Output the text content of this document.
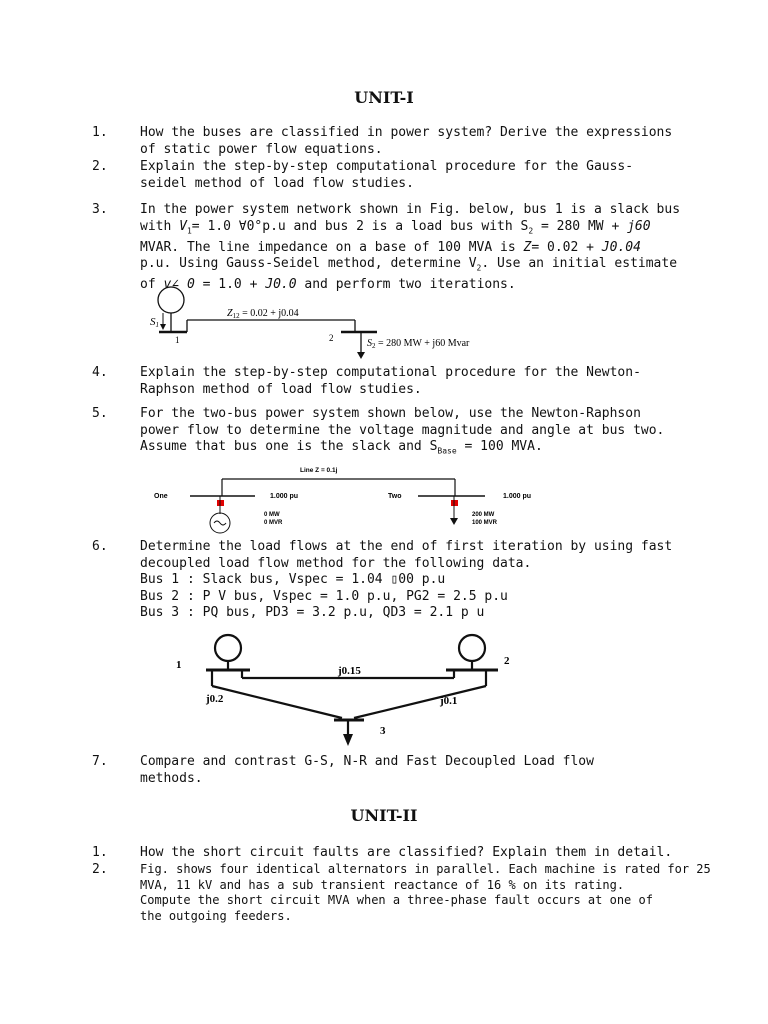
UNIT-I
1.	How the buses are classified in power system? Derive the expressions
of static power flow equations.
2.	Explain the step-by-step computational procedure for the Gauss-
seidel method of load flow studies.
3.	In the power system network shown in Fig. below, bus 1 is a slack bus
with $V_1= 1.0$ ∀0°p.u and bus 2 is a load bus with $S_2 = 280$ MW + j60
MVAR. The line impedance on a base of 100 MVA is Z= 0.02 + J0.04
p.u. Using Gauss-Seidel method, determine $V_2$. Use an initial estimate
of v∠ 0 = 1.0 + J0.0 and perform two iterations.
S1
1	2
$Z_{12} = 0.02 + j0.04$
$S_2 = 280$ MW + j60 Mvar
4.	Explain the step-by-step computational procedure for the Newton-
Raphson method of load flow studies.
5.	For the two-bus power system shown below, use the Newton-Raphson
power flow to determine the voltage magnitude and angle at bus two.
Assume that bus one is the slack and $S_{Base} = 100$ MVA.
Line Z = 0.1j
One	Two
1.000 pu	1.000 pu
0 MW
0 MVR
200 MW
100 MVR
6.	Determine the load flows at the end of first iteration by using fast
decoupled load flow method for the following data.
Bus 1 : Slack bus, Vspec = 1.04 ▯00 p.u
Bus 2 : P V bus, Vspec = 1.0 p.u, PG2 = 2.5 p.u
Bus 3 : PQ bus, PD3 = 3.2 p.u, QD3 = 2.1 p u
1	2
3
j0.15
j0.2	j0.1
7.	Compare and contrast G-S, N-R and Fast Decoupled Load flow
methods.
UNIT-II
1.	How the short circuit faults are classified? Explain them in detail.
2.	Fig. shows four identical alternators in parallel. Each machine is rated for 25
MVA, 11 kV and has a sub transient reactance of 16 % on its rating.
Compute the short circuit MVA when a three-phase fault occurs at one of
the outgoing feeders.
